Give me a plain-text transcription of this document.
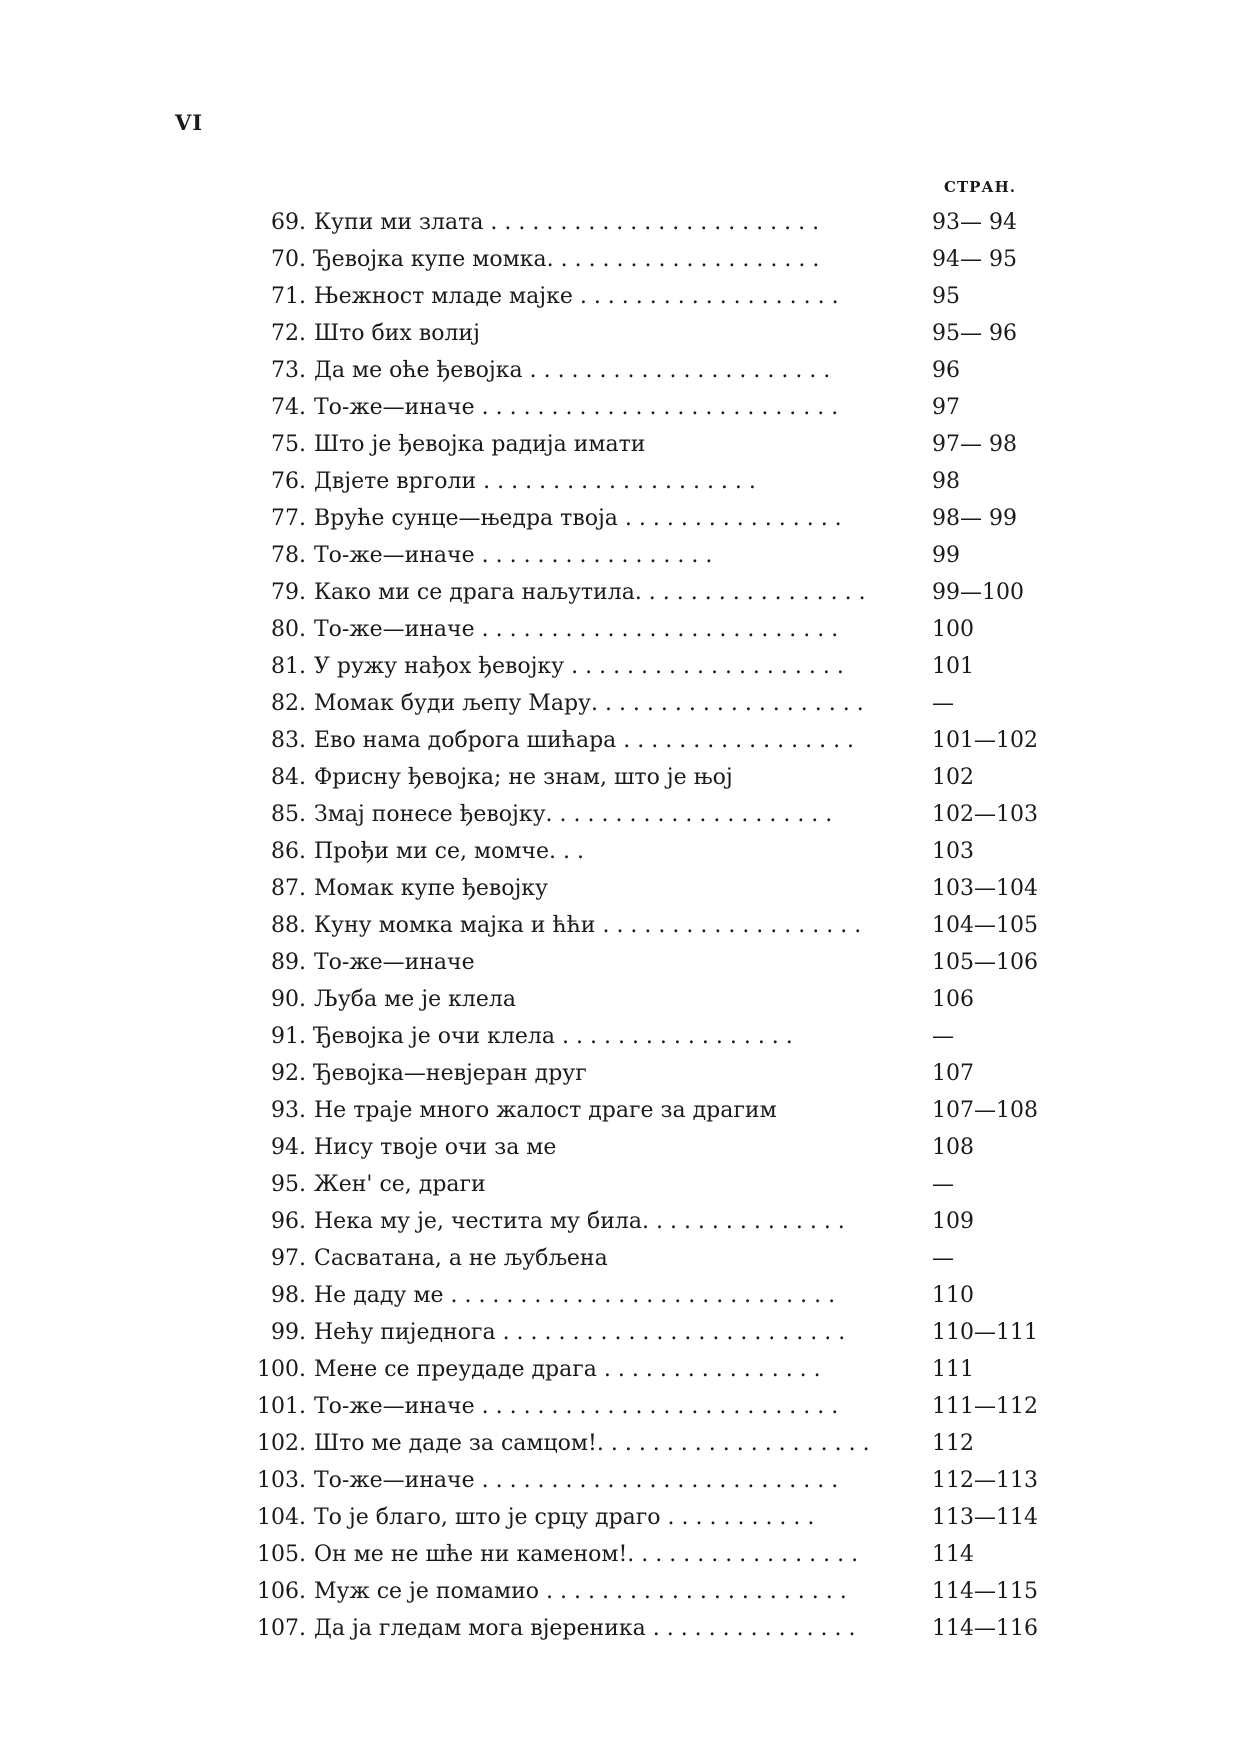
VI
СТРАН.
69. Купи ми злата . . . . . . . . . . . . . . . . . . . . . . . .	93— 94
70. Ђевојка купе момка. . . . . . . . . . . . . . . . . . . .	94— 95
71. Њежност младе мајке . . . . . . . . . . . . . . . . . . .	95
72. Што бих волиј	95— 96
73. Да ме оће ђевојка . . . . . . . . . . . . . . . . . . . . . .	96
74. То-же—иначе . . . . . . . . . . . . . . . . . . . . . . . . . .	97
75. Што је ђевојка радија имати	97— 98
76. Двјете врголи . . . . . . . . . . . . . . . . . . . .	98
77. Вруће сунце—њедра твоја . . . . . . . . . . . . . . . .	98— 99
78. То-же—иначе . . . . . . . . . . . . . . . . .	99
79. Како ми се драга наљутила. . . . . . . . . . . . . . . . .	99—100
80. То-же—иначе . . . . . . . . . . . . . . . . . . . . . . . . . .	100
81. У ружу нађох ђевојку . . . . . . . . . . . . . . . . . . . .	101
82. Момак буди љепу Мару. . . . . . . . . . . . . . . . . . . .	—
83. Ево нама доброга шићара . . . . . . . . . . . . . . . . .	101—102
84. Фрисну ђевојка; не знам, што је њој	102
85. Змај понесе ђевојку. . . . . . . . . . . . . . . . . . . . .	102—103
86. Прођи ми се, момче. . .	103
87. Момак купе ђевојку	103—104
88. Куну момка мајка и ћћи . . . . . . . . . . . . . . . . . . .	104—105
89. То-же—иначе	105—106
90. Љуба ме је клела	106
91. Ђевојка је очи клела . . . . . . . . . . . . . . . . .	—
92. Ђевојка—невјеран друг	107
93. Не траје много жалост драге за драгим	107—108
94. Нису твоје очи за ме	108
95. Жен' се, драги	—
96. Нека му је, честита му била. . . . . . . . . . . . . . .	109
97. Сасватана, а не љубљена	—
98. Не даду ме . . . . . . . . . . . . . . . . . . . . . . . . . . . .	110
99. Нећу пиједнога . . . . . . . . . . . . . . . . . . . . . . . . .	110—111
100. Мене се преудаде драга . . . . . . . . . . . . . . . .	111
101. То-же—иначе . . . . . . . . . . . . . . . . . . . . . . . . . .	111—112
102. Што ме даде за самцом!. . . . . . . . . . . . . . . . . . . .	112
103. То-же—иначе . . . . . . . . . . . . . . . . . . . . . . . . . .	112—113
104. То је благо, што је срцу драго . . . . . . . . . . .	113—114
105. Он ме не шће ни каменом!. . . . . . . . . . . . . . . . .	114
106. Муж се је помамио . . . . . . . . . . . . . . . . . . . . . .	114—115
107. Да ја гледам мога вјереника . . . . . . . . . . . . . . .	114—116
